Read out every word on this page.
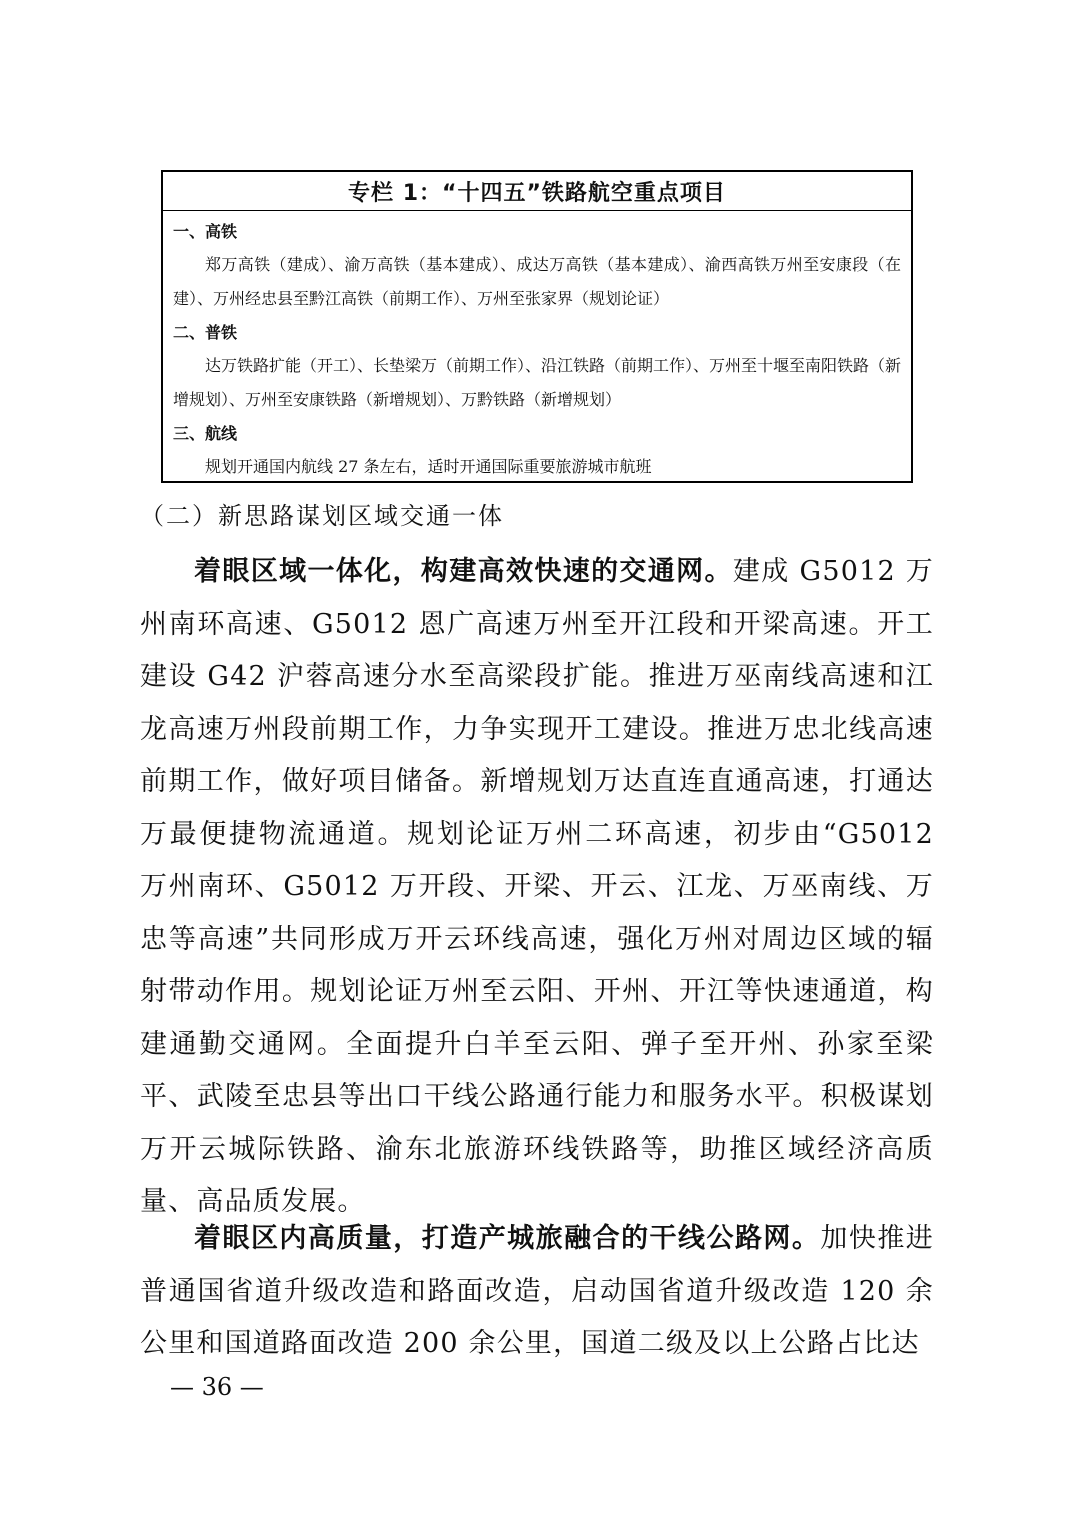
专栏 1：“十四五”铁路航空重点项目
一、高铁

郑万高铁（建成）、渝万高铁（基本建成）、成达万高铁（基本建成）、渝西高铁万州至安康段（在建）、万州经忠县至黔江高铁（前期工作）、万州至张家界（规划论证）

二、普铁

达万铁路扩能（开工）、长垫梁万（前期工作）、沿江铁路（前期工作）、万州至十堰至南阳铁路（新增规划）、万州至安康铁路（新增规划）、万黔铁路（新增规划）

三、航线

规划开通国内航线 27 条左右，适时开通国际重要旅游城市航班

（二）新思路谋划区域交通一体

着眼区域一体化，构建高效快速的交通网。建成 G5012 万州南环高速、G5012 恩广高速万州至开江段和开梁高速。开工建设 G42 沪蓉高速分水至高梁段扩能。推进万巫南线高速和江龙高速万州段前期工作，力争实现开工建设。推进万忠北线高速前期工作，做好项目储备。新增规划万达直连直通高速，打通达万最便捷物流通道。规划论证万州二环高速，初步由“G5012 万州南环、G5012 万开段、开梁、开云、江龙、万巫南线、万忠等高速”共同形成万开云环线高速，强化万州对周边区域的辐射带动作用。规划论证万州至云阳、开州、开江等快速通道，构建通勤交通网。全面提升白羊至云阳、弹子至开州、孙家至梁平、武陵至忠县等出口干线公路通行能力和服务水平。积极谋划万开云城际铁路、渝东北旅游环线铁路等，助推区域经济高质量、高品质发展。

着眼区内高质量，打造产城旅融合的干线公路网。加快推进普通国省道升级改造和路面改造，启动国省道升级改造 120 余公里和国道路面改造 200 余公里，国道二级及以上公路占比达

— 36 —
